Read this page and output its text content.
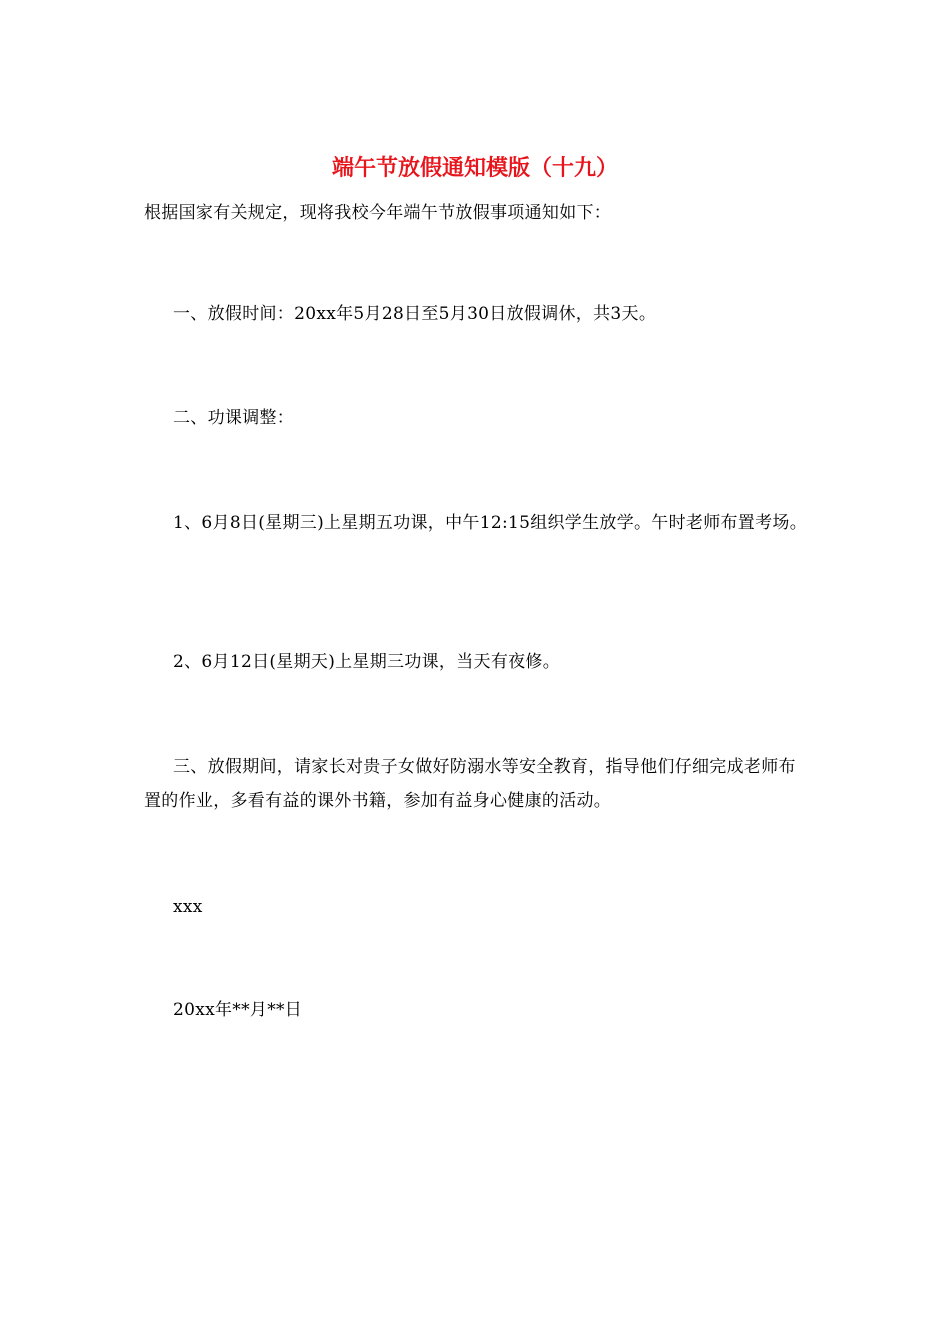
端午节放假通知模版（十九）
根据国家有关规定，现将我校今年端午节放假事项通知如下：
一、放假时间：20xx年5月28日至5月30日放假调休，共3天。
二、功课调整：
1、6月8日(星期三)上星期五功课，中午12:15组织学生放学。午时老师布置考场。
2、6月12日(星期天)上星期三功课，当天有夜修。
三、放假期间，请家长对贵子女做好防溺水等安全教育，指导他们仔细完成老师布置的作业，多看有益的课外书籍，参加有益身心健康的活动。
xxx
20xx年**月**日
